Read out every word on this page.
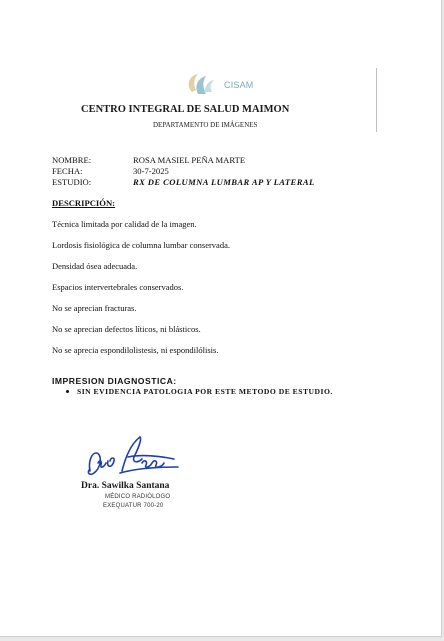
CISAM
CENTRO INTEGRAL DE SALUD MAIMON
DEPARTAMENTO DE IMÁGENES
NOMBRE:	ROSA MASIEL PEÑA MARTE
FECHA:	30-7-2025
ESTUDIO:	RX DE COLUMNA LUMBAR AP Y LATERAL
DESCRIPCIÓN:
Técnica limitada por calidad de la imagen.
Lordosis fisiológica de columna lumbar conservada.
Densidad ósea adecuada.
Espacios intervertebrales conservados.
No se aprecian fracturas.
No se aprecian defectos líticos, ni blásticos.
No se aprecia espondilolistesis, ni espondilólisis.
IMPRESION DIAGNOSTICA:
SIN EVIDENCIA PATOLOGIA POR ESTE METODO DE ESTUDIO.
Dra. Sawilka Santana
MÉDICO RADIÓLOGO
EXEQUATUR 700-20
